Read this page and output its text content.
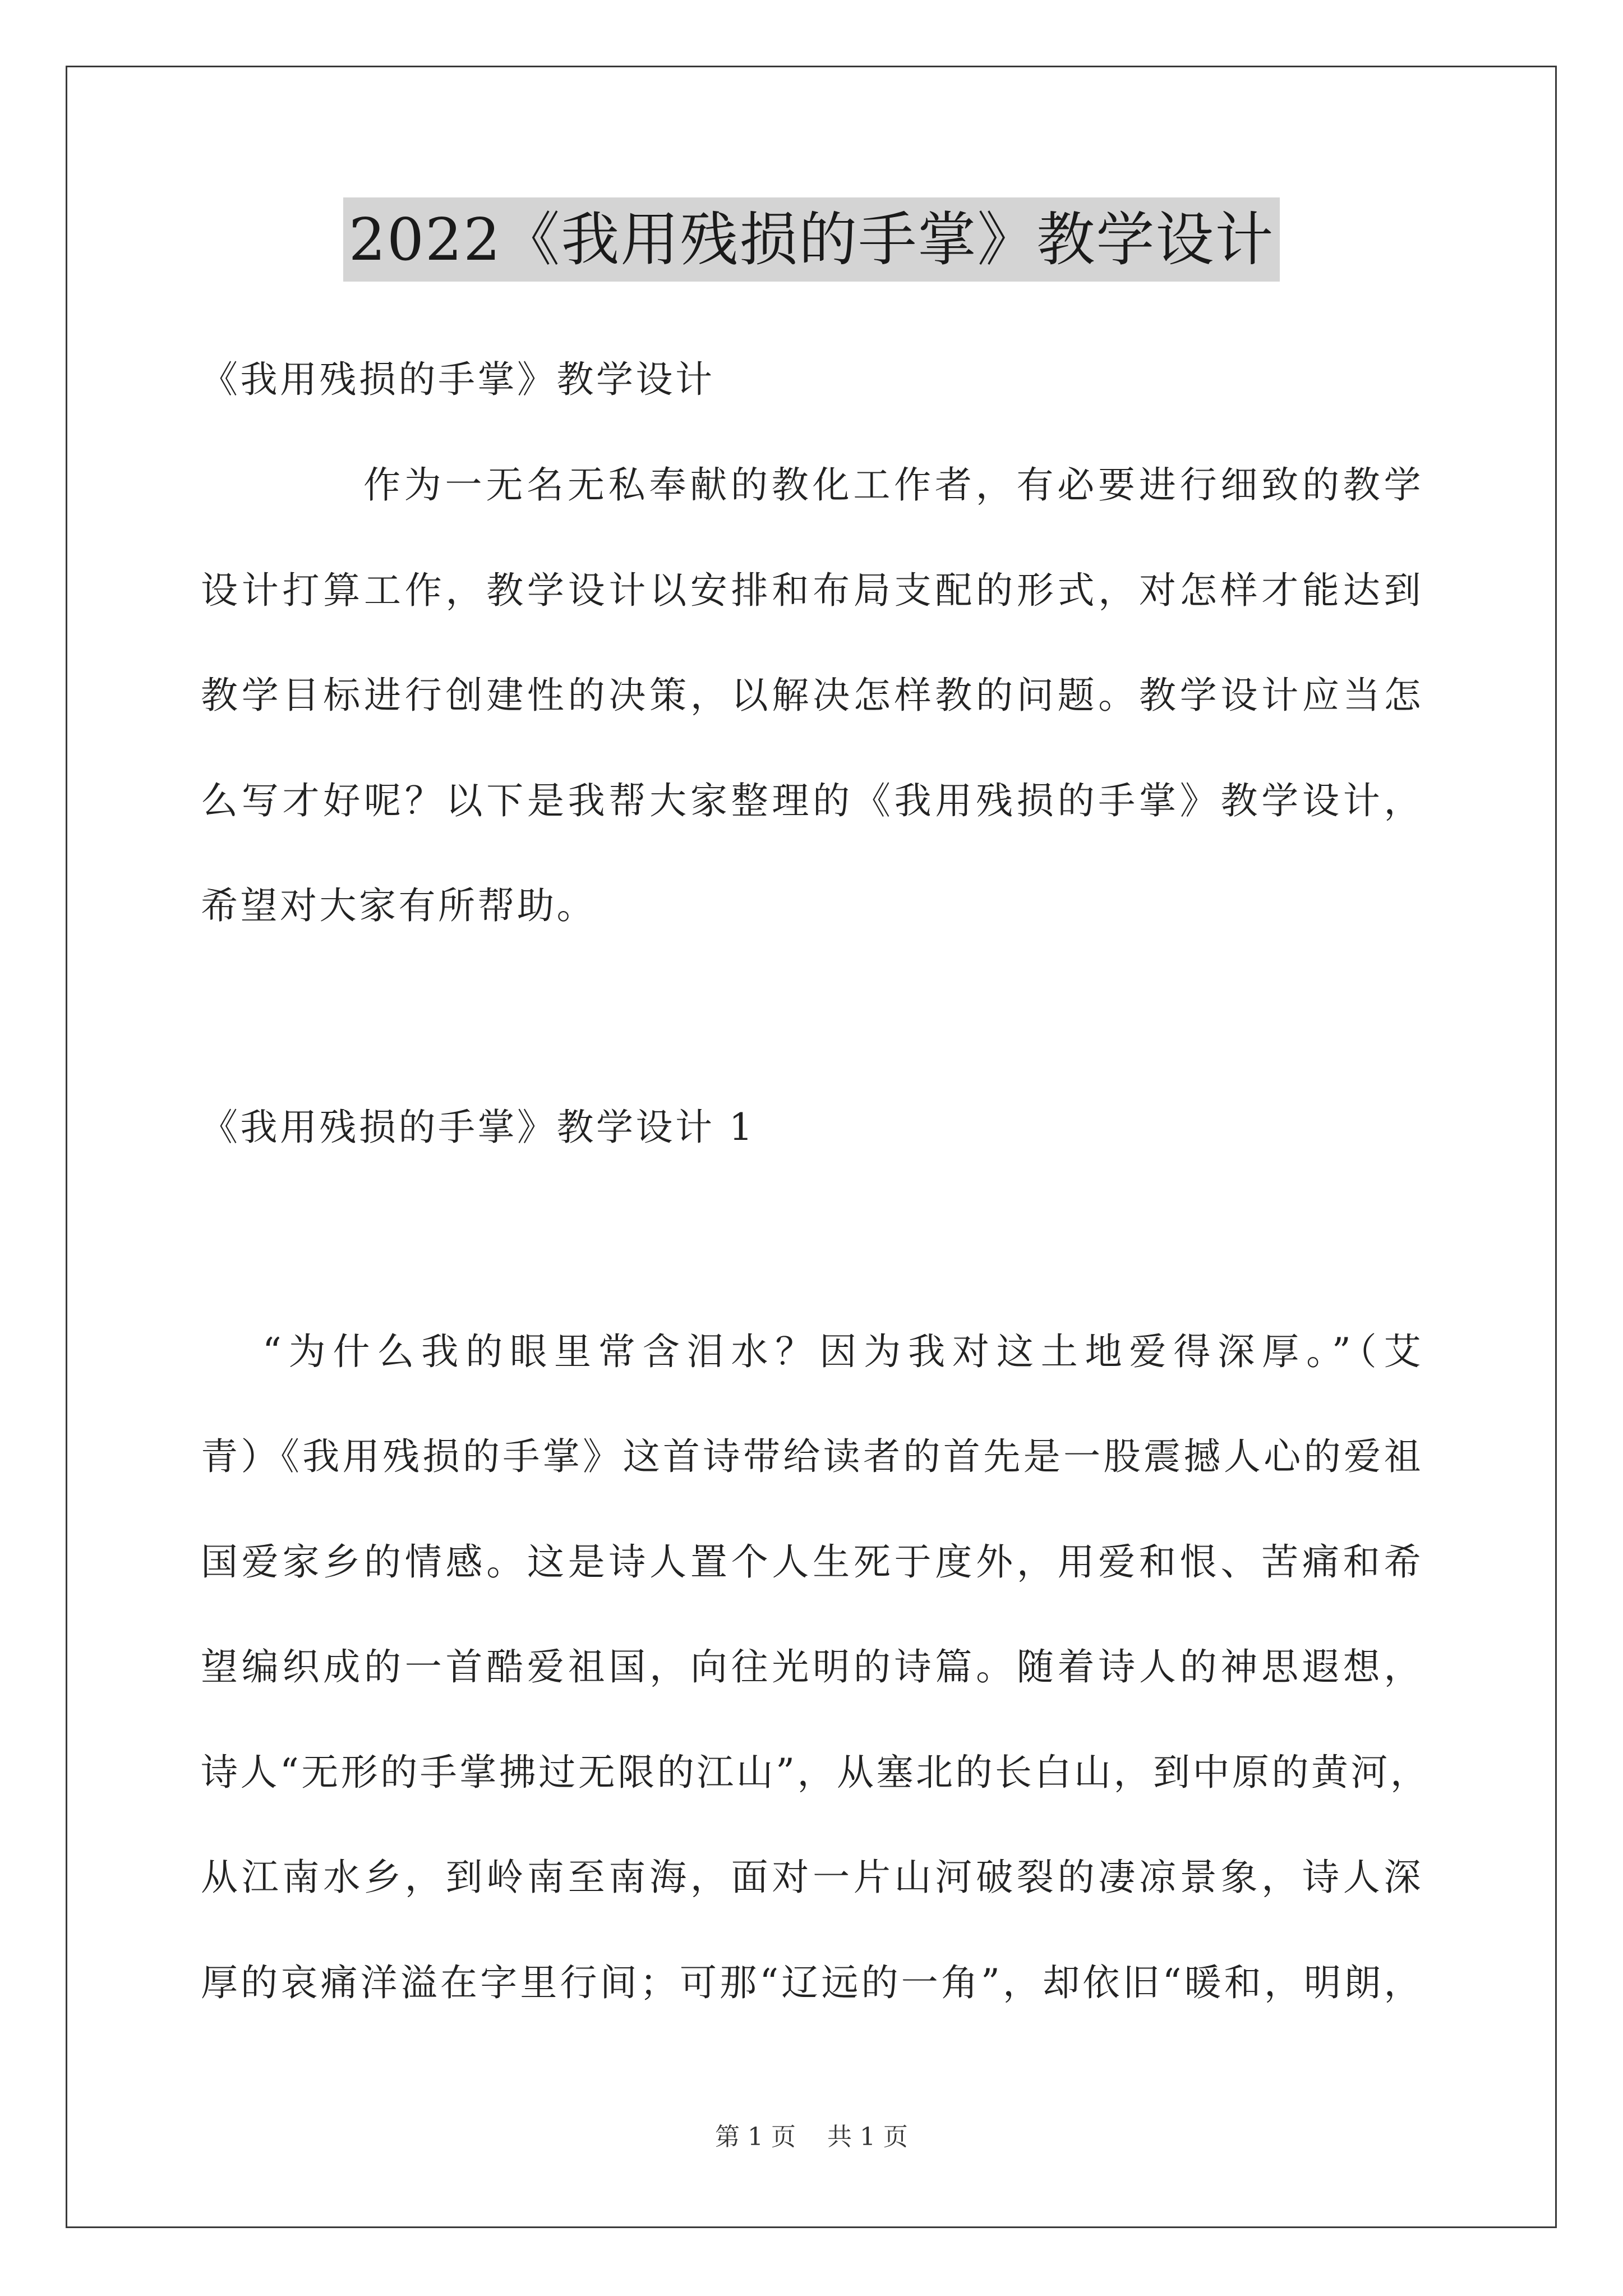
2022《我用残损的手掌》教学设计
《我用残损的手掌》教学设计
作为一无名无私奉献的教化工作者，有必要进行细致的教学
设计打算工作，教学设计以安排和布局支配的形式，对怎样才能达到
教学目标进行创建性的决策，以解决怎样教的问题。教学设计应当怎
么写才好呢？以下是我帮大家整理的《我用残损的手掌》教学设计，
希望对大家有所帮助。
《我用残损的手掌》教学设计 1
“为什么我的眼里常含泪水？因为我对这土地爱得深厚。”（艾
青）《我用残损的手掌》这首诗带给读者的首先是一股震撼人心的爱祖
国爱家乡的情感。这是诗人置个人生死于度外，用爱和恨、苦痛和希
望编织成的一首酷爱祖国，向往光明的诗篇。随着诗人的神思遐想，
诗人“无形的手掌拂过无限的江山”，从塞北的长白山，到中原的黄河，
从江南水乡，到岭南至南海，面对一片山河破裂的凄凉景象，诗人深
厚的哀痛洋溢在字里行间；可那“辽远的一角”，却依旧“暖和，明朗，
第 1 页    共 1 页
